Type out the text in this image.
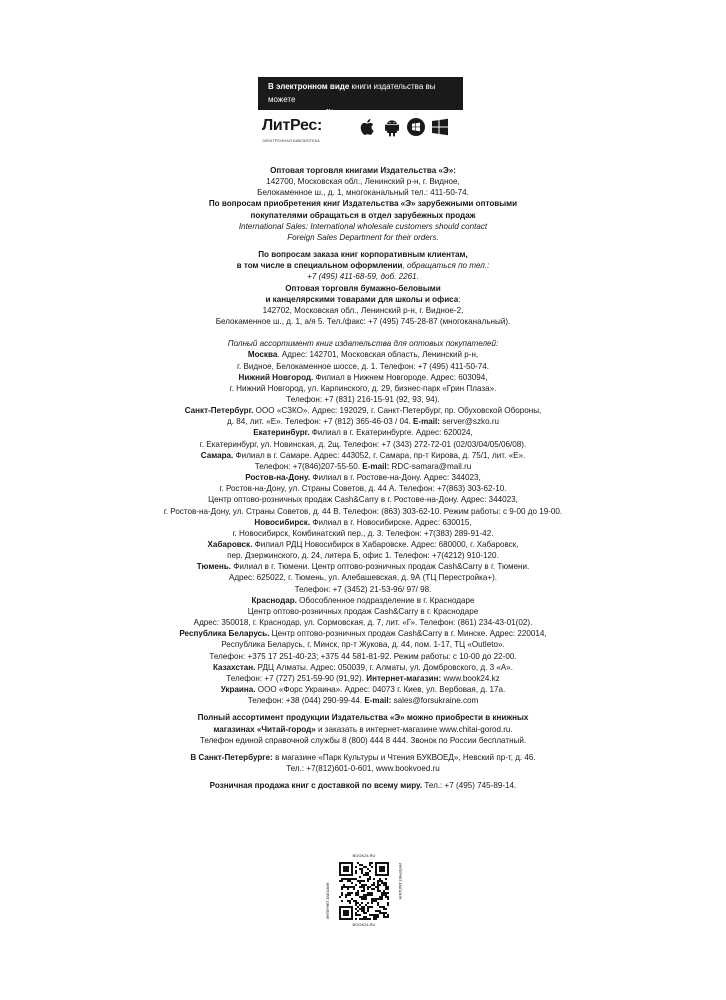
В электронном виде книги издательства вы можете
купить на www.litres.ru
ЛитРес:
ЭЛЕКТРОННАЯ БИБЛИОТЕКА

Оптовая торговля книгами Издательства «Э»:

142700, Московская обл., Ленинский р-н, г. Видное,

Белокаменное ш., д. 1, многоканальный тел.: 411-50-74.

По вопросам приобретения книг Издательства «Э» зарубежными оптовыми

покупателями обращаться в отдел зарубежных продаж

International Sales: International wholesale customers should contact

Foreign Sales Department for their orders.

По вопросам заказа книг корпоративным клиентам,

в том числе в специальном оформлении, обращаться по тел.:

+7 (495) 411-68-59, доб. 2261.

Оптовая торговля бумажно-беловыми

и канцелярскими товарами для школы и офиса:

142702, Московская обл., Ленинский р-н, г. Видное-2,

Белокаменное ш., д. 1, а/я 5. Тел./факс: +7 (495) 745-28-87 (многоканальный).

Полный ассортимент книг издательства для оптовых покупателей:

Москва. Адрес: 142701, Московская область, Ленинский р-н,

г. Видное, Белокаменное шоссе, д. 1. Телефон: +7 (495) 411-50-74.

Нижний Новгород. Филиал в Нижнем Новгороде. Адрес: 603094,

г. Нижний Новгород, ул. Карпинского, д. 29, бизнес-парк «Грин Плаза».

Телефон: +7 (831) 216-15-91 (92, 93, 94).

Санкт-Петербург. ООО «СЗКО». Адрес: 192029, г. Санкт-Петербург, пр. Обуховской Обороны,

д. 84, лит. «Е». Телефон: +7 (812) 365-46-03 / 04. E-mail: server@szko.ru

Екатеринбург. Филиал в г. Екатеринбурге. Адрес: 620024,

г. Екатеринбург, ул. Новинская, д. 2щ. Телефон: +7 (343) 272-72-01 (02/03/04/05/06/08).

Самара. Филиал в г. Самаре. Адрес: 443052, г. Самара, пр-т Кирова, д. 75/1, лит. «Е».

Телефон: +7(846)207-55-50. E-mail: RDC-samara@mail.ru

Ростов-на-Дону. Филиал в г. Ростове-на-Дону. Адрес: 344023,

г. Ростов-на-Дону, ул. Страны Советов, д. 44 А. Телефон: +7(863) 303-62-10.

Центр оптово-розничных продаж Cash&Carry в г. Ростове-на-Дону. Адрес: 344023,

г. Ростов-на-Дону, ул. Страны Советов, д. 44 В. Телефон: (863) 303-62-10. Режим работы: с 9-00 до 19-00.

Новосибирск. Филиал в г. Новосибирске. Адрес: 630015,

г. Новосибирск, Комбинатский пер., д. 3. Телефон: +7(383) 289-91-42.

Хабаровск. Филиал РДЦ Новосибирск в Хабаровске. Адрес: 680000, г. Хабаровск,

пер. Дзержинского, д. 24, литера Б, офис 1. Телефон: +7(4212) 910-120.

Тюмень. Филиал в г. Тюмени. Центр оптово-розничных продаж Cash&Carry в г. Тюмени.

Адрес: 625022, г. Тюмень, ул. Алебашевская, д. 9А (ТЦ Перестройка+).

Телефон: +7 (3452) 21-53-96/ 97/ 98.

Краснодар. Обособленное подразделение в г. Краснодаре

Центр оптово-розничных продаж Cash&Carry в г. Краснодаре

Адрес: 350018, г. Краснодар, ул. Сормовская, д. 7, лит. «Г». Телефон: (861) 234-43-01(02).

Республика Беларусь. Центр оптово-розничных продаж Cash&Carry в г. Минске. Адрес: 220014,

Республика Беларусь, г. Минск, пр-т Жукова, д. 44, пом. 1-17, ТЦ «Outleto».

Телефон: +375 17 251-40-23; +375 44 581-81-92. Режим работы: с 10-00 до 22-00.

Казахстан. РДЦ Алматы. Адрес: 050039, г. Алматы, ул. Домбровского, д. 3 «А».

Телефон: +7 (727) 251-59-90 (91,92). Интернет-магазин: www.book24.kz

Украина. ООО «Форс Украина». Адрес: 04073 г. Киев, ул. Вербовая, д. 17а.

Телефон: +38 (044) 290-99-44. E-mail: sales@forsukraine.com

Полный ассортимент продукции Издательства «Э» можно приобрести в книжных

магазинах «Читай-город» и заказать в интернет-магазине www.chitai-gorod.ru.

Телефон единой справочной службы 8 (800) 444 8 444. Звонок по России бесплатный.

В Санкт-Петербурге: в магазине «Парк Культуры и Чтения БУКВОЕД», Невский пр-т, д. 46.

Тел.: +7(812)601-0-601, www.bookvoed.ru

Розничная продажа книг с доставкой по всему миру. Тел.: +7 (495) 745-89-14.

BOOK24.RU
ИНТЕРНЕТ-МАГАЗИН
ИНТЕРНЕТ-МАГАЗИН
BOOK24.RU
